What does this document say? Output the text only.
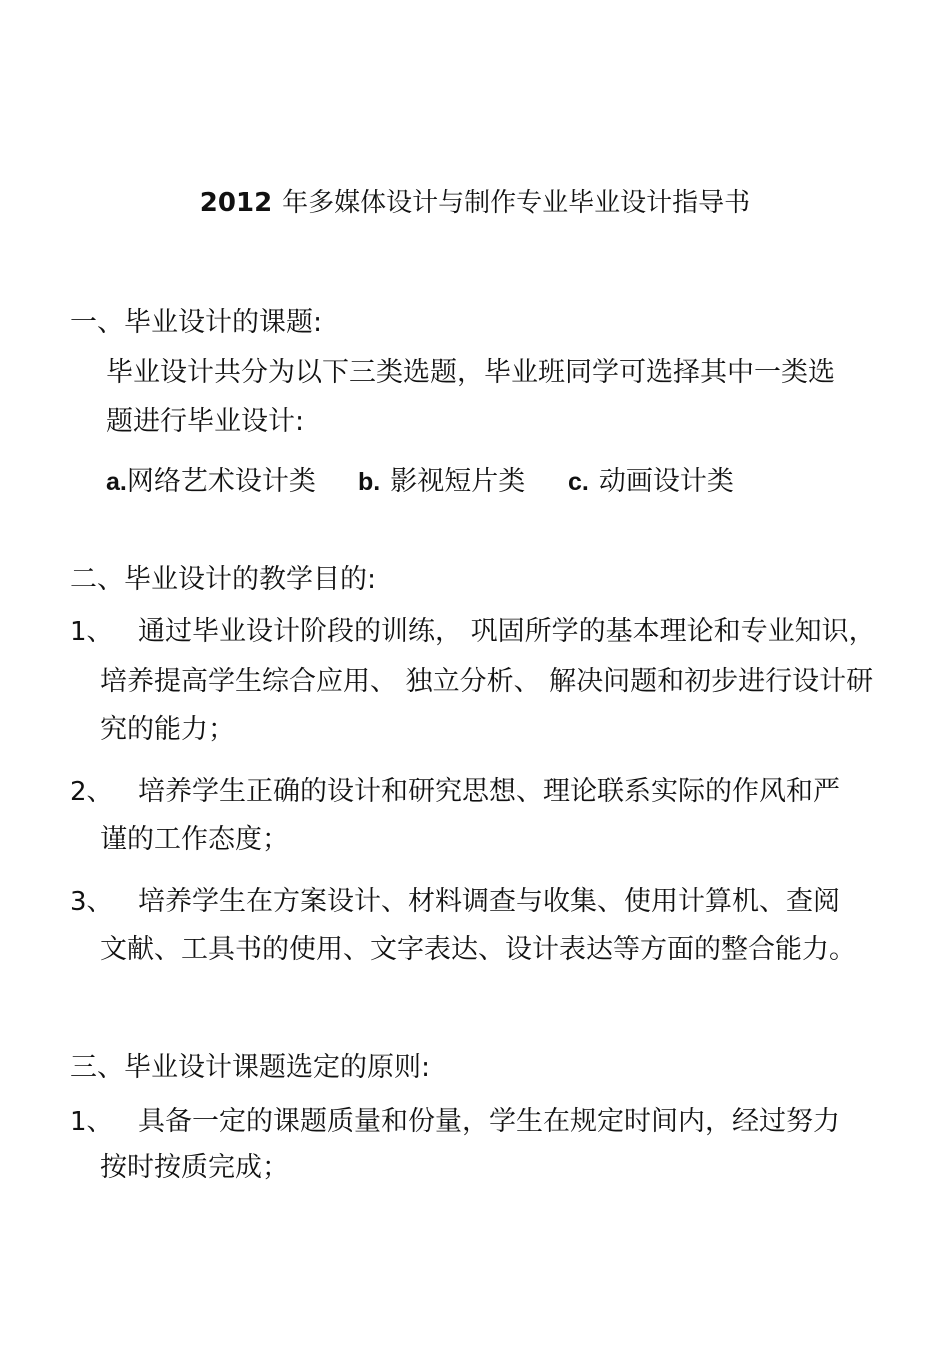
2012 年多媒体设计与制作专业毕业设计指导书
一、毕业设计的课题:
毕业设计共分为以下三类选题，毕业班同学可选择其中一类选
题进行毕业设计:
a.网络艺术设计类 b. 影视短片类 c. 动画设计类
二、毕业设计的教学目的:
1、 通过毕业设计阶段的训练， 巩固所学的基本理论和专业知识，
培养提高学生综合应用、 独立分析、 解决问题和初步进行设计研
究的能力；
2、 培养学生正确的设计和研究思想、理论联系实际的作风和严
谨的工作态度；
3、 培养学生在方案设计、材料调查与收集、使用计算机、查阅
文献、工具书的使用、文字表达、设计表达等方面的整合能力。
三、毕业设计课题选定的原则:
1、 具备一定的课题质量和份量，学生在规定时间内，经过努力
按时按质完成；
